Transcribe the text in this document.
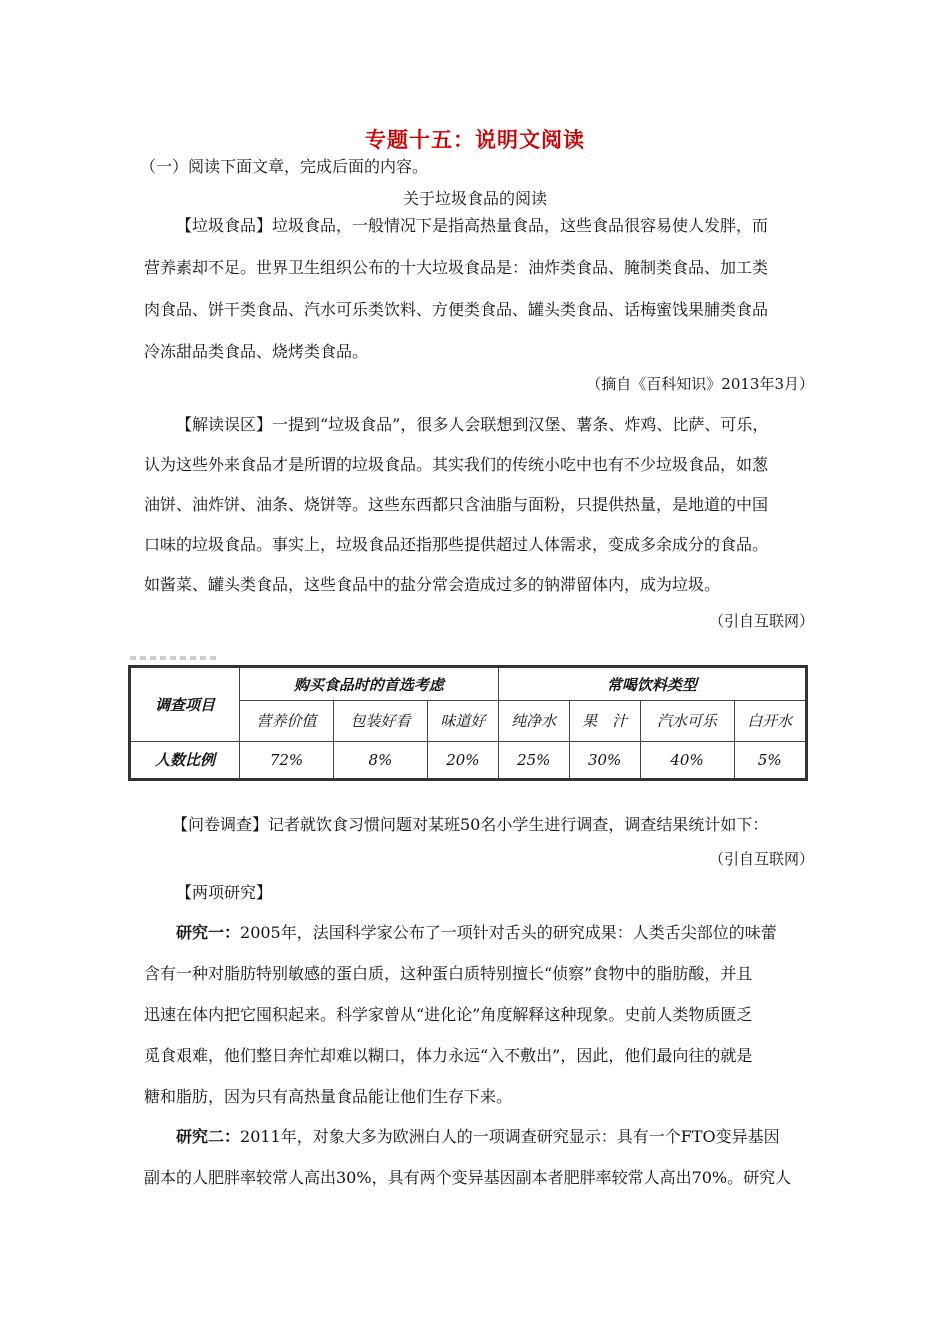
专题十五：说明文阅读
（一）阅读下面文章，完成后面的内容。
关于垃圾食品的阅读
【垃圾食品】垃圾食品，一般情况下是指高热量食品，这些食品很容易使人发胖，而
营养素却不足。世界卫生组织公布的十大垃圾食品是：油炸类食品、腌制类食品、加工类
肉食品、饼干类食品、汽水可乐类饮料、方便类食品、罐头类食品、话梅蜜饯果脯类食品
冷冻甜品类食品、烧烤类食品。
（摘自《百科知识》2013年3月）
【解读误区】一提到“垃圾食品”，很多人会联想到汉堡、薯条、炸鸡、比萨、可乐，
认为这些外来食品才是所谓的垃圾食品。其实我们的传统小吃中也有不少垃圾食品，如葱
油饼、油炸饼、油条、烧饼等。这些东西都只含油脂与面粉，只提供热量，是地道的中国
口味的垃圾食品。事实上，垃圾食品还指那些提供超过人体需求，变成多余成分的食品。
如酱菜、罐头类食品，这些食品中的盐分常会造成过多的钠滞留体内，成为垃圾。
（引自互联网）
调查项目	购买食品时的首选考虑			常喝饮料类型			
	营养价值	包装好看	味道好	纯净水	果　汁	汽水可乐	白开水
人数比例	72%	8%	20%	25%	30%	40%	5%
【问卷调查】记者就饮食习惯问题对某班50名小学生进行调查，调查结果统计如下：
（引自互联网）
【两项研究】
研究一：2005年，法国科学家公布了一项针对舌头的研究成果：人类舌尖部位的味蕾
含有一种对脂肪特别敏感的蛋白质，这种蛋白质特别擅长“侦察”食物中的脂肪酸，并且
迅速在体内把它囤积起来。科学家曾从“进化论”角度解释这种现象。史前人类物质匮乏
觅食艰难，他们整日奔忙却难以糊口，体力永远“入不敷出”，因此，他们最向往的就是
糖和脂肪，因为只有高热量食品能让他们生存下来。
研究二：2011年，对象大多为欧洲白人的一项调查研究显示：具有一个FTO变异基因
副本的人肥胖率较常人高出30%，具有两个变异基因副本者肥胖率较常人高出70%。研究人
